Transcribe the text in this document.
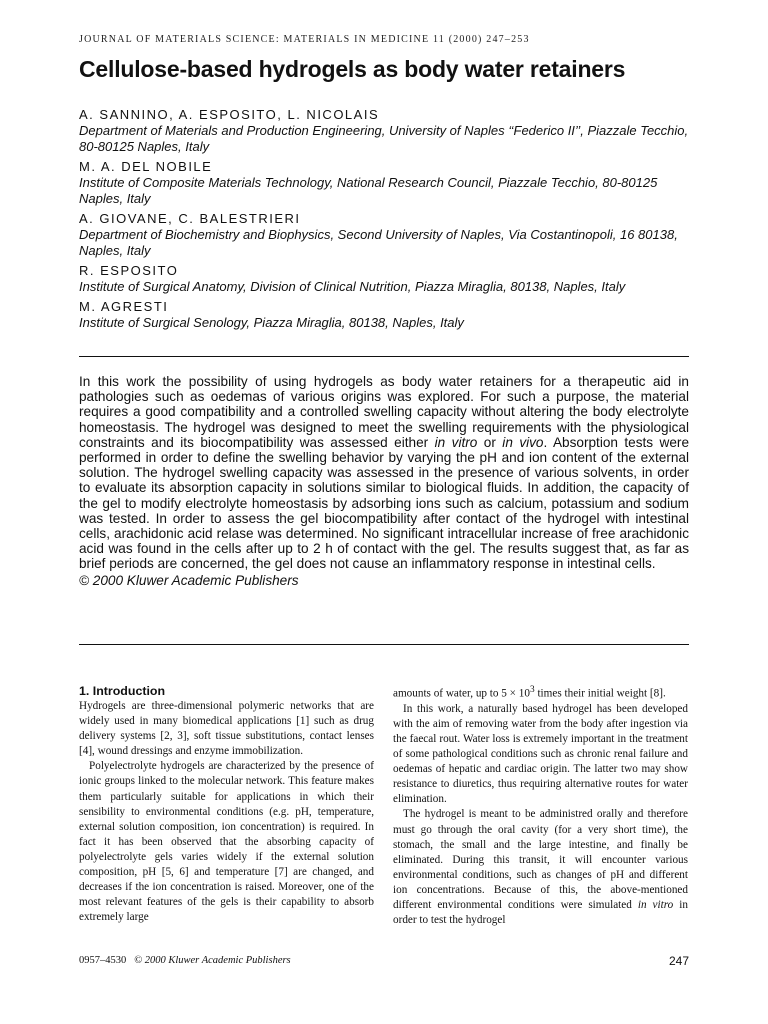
JOURNAL OF MATERIALS SCIENCE: MATERIALS IN MEDICINE 11 (2000) 247–253
Cellulose-based hydrogels as body water retainers
A. SANNINO, A. ESPOSITO, L. NICOLAIS
Department of Materials and Production Engineering, University of Naples ‘‘Federico II’’, Piazzale Tecchio, 80-80125 Naples, Italy
M. A. DEL NOBILE
Institute of Composite Materials Technology, National Research Council, Piazzale Tecchio, 80-80125 Naples, Italy
A. GIOVANE, C. BALESTRIERI
Department of Biochemistry and Biophysics, Second University of Naples, Via Costantinopoli, 16 80138, Naples, Italy
R. ESPOSITO
Institute of Surgical Anatomy, Division of Clinical Nutrition, Piazza Miraglia, 80138, Naples, Italy
M. AGRESTI
Institute of Surgical Senology, Piazza Miraglia, 80138, Naples, Italy

In this work the possibility of using hydrogels as body water retainers for a therapeutic aid in pathologies such as oedemas of various origins was explored. For such a purpose, the material requires a good compatibility and a controlled swelling capacity without altering the body electrolyte homeostasis. The hydrogel was designed to meet the swelling requirements with the physiological constraints and its biocompatibility was assessed either in vitro or in vivo. Absorption tests were performed in order to define the swelling behavior by varying the pH and ion content of the external solution. The hydrogel swelling capacity was assessed in the presence of various solvents, in order to evaluate its absorption capacity in solutions similar to biological fluids. In addition, the capacity of the gel to modify electrolyte homeostasis by adsorbing ions such as calcium, potassium and sodium was tested. In order to assess the gel biocompatibility after contact of the hydrogel with intestinal cells, arachidonic acid relase was determined. No significant intracellular increase of free arachidonic acid was found in the cells after up to 2 h of contact with the gel. The results suggest that, as far as brief periods are concerned, the gel does not cause an inflammatory response in intestinal cells.

© 2000 Kluwer Academic Publishers
1. Introduction

Hydrogels are three-dimensional polymeric networks that are widely used in many biomedical applications [1] such as drug delivery systems [2, 3], soft tissue substitutions, contact lenses [4], wound dressings and enzyme immobilization.

Polyelectrolyte hydrogels are characterized by the presence of ionic groups linked to the molecular network. This feature makes them particularly suitable for applications in which their sensibility to environmental conditions (e.g. pH, temperature, external solution composition, ion concentration) is required. In fact it has been observed that the absorbing capacity of polyelectrolyte gels varies widely if the external solution composition, pH [5, 6] and temperature [7] are changed, and decreases if the ion concentration is raised. Moreover, one of the most relevant features of the gels is their capability to absorb extremely large

amounts of water, up to $5 \times 10^3$ times their initial weight [8].

In this work, a naturally based hydrogel has been developed with the aim of removing water from the body after ingestion via the faecal rout. Water loss is extremely important in the treatment of some pathological conditions such as chronic renal failure and oedemas of hepatic and cardiac origin. The latter two may show resistance to diuretics, thus requiring alternative routes for water elimination.

The hydrogel is meant to be administred orally and therefore must go through the oral cavity (for a very short time), the stomach, the small and the large intestine, and finally be eliminated. During this transit, it will encounter various environmental conditions, such as changes of pH and different ion concentrations. Because of this, the above-mentioned different environmental conditions were simulated in vitro in order to test the hydrogel

0957–4530 © 2000 Kluwer Academic Publishers	247
